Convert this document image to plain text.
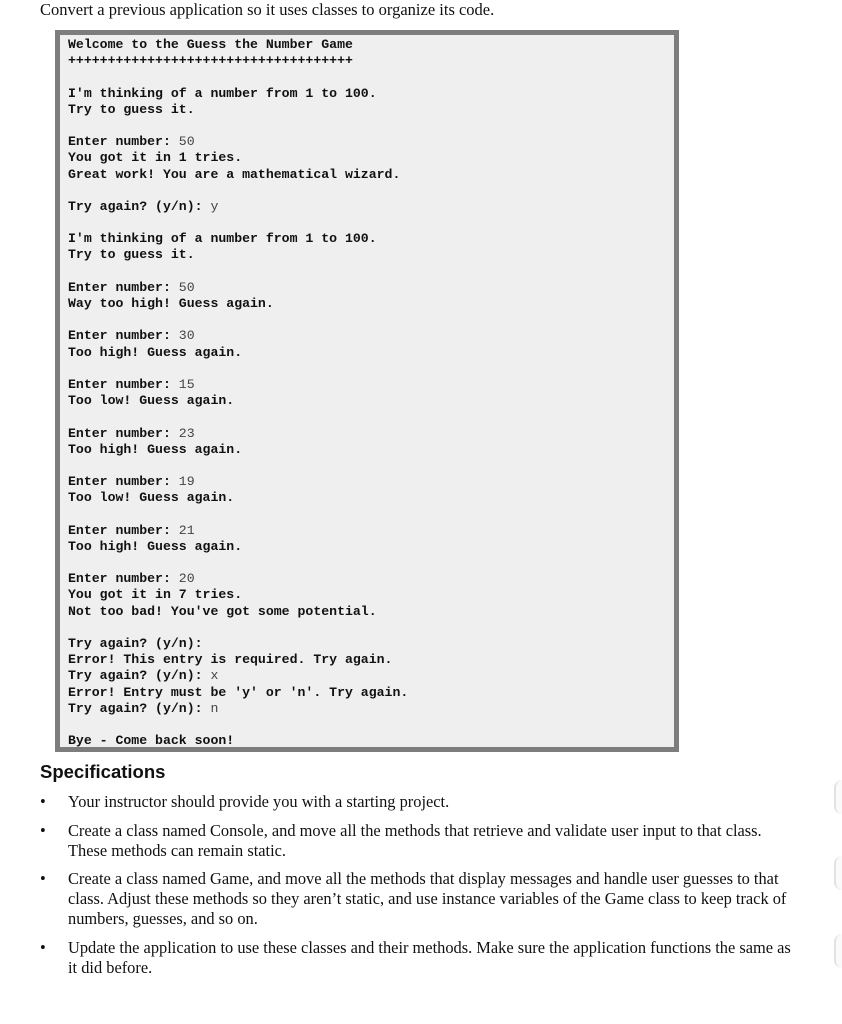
Convert a previous application so it uses classes to organize its code.
Welcome to the Guess the Number Game
++++++++++++++++++++++++++++++++++++
I'm thinking of a number from 1 to 100.
Try to guess it.
Enter number: 50
You got it in 1 tries.
Great work! You are a mathematical wizard.
Try again? (y/n): y
I'm thinking of a number from 1 to 100.
Try to guess it.
Enter number: 50
Way too high! Guess again.
Enter number: 30
Too high! Guess again.
Enter number: 15
Too low! Guess again.
Enter number: 23
Too high! Guess again.
Enter number: 19
Too low! Guess again.
Enter number: 21
Too high! Guess again.
Enter number: 20
You got it in 7 tries.
Not too bad! You've got some potential.
Try again? (y/n):
Error! This entry is required. Try again.
Try again? (y/n): x
Error! Entry must be 'y' or 'n'. Try again.
Try again? (y/n): n
Bye - Come back soon!
Specifications
•	Your instructor should provide you with a starting project.
•	Create a class named Console, and move all the methods that retrieve and validate user input to that class. These methods can remain static.
•	Create a class named Game, and move all the methods that display messages and handle user guesses to that class. Adjust these methods so they aren’t static, and use instance variables of the Game class to keep track of numbers, guesses, and so on.
•	Update the application to use these classes and their methods. Make sure the application functions the same as it did before.
